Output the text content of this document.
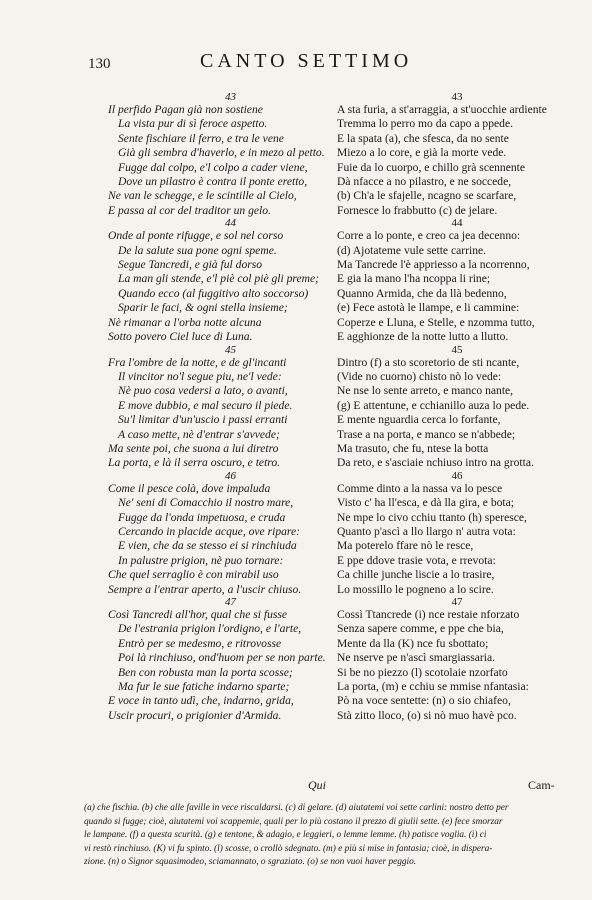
130	CANTO SETTIMO
43
Il perfido Pagan già non sostiene
La vista pur di sì feroce aspetto.
Sente fischiare il ferro, e tra le vene
Già gli sembra d'haverlo, e in mezo al petto.
Fugge dal colpo, e'l colpo a cader viene,
Dove un pilastro è contra il ponte eretto,
Ne van le schegge, e le scintille al Cielo,
E passa al cor del traditor un gelo.
44
Onde al ponte rifugge, e sol nel corso
De la salute sua pone ogni speme.
Segue Tancredi, e già ful dorso
La man gli stende, e'l piè col piè gli preme;
Quando ecco (al fuggitivo alto soccorso)
Sparir le faci, & ogni stella insieme;
Nè rimanar a l'orba notte alcuna
Sotto povero Ciel luce di Luna.
45
Fra l'ombre de la notte, e de gl'incanti
Il vincitor no'l segue piu, ne'l vede:
Nè puo cosa vedersi a lato, o avanti,
E move dubbio, e mal securo il piede.
Su'l limitar d'un'uscio i passi erranti
A caso mette, nè d'entrar s'avvede;
Ma sente poi, che suona a lui diretro
La porta, e là il serra oscuro, e tetro.
46
Come il pesce colà, dove impaluda
Ne' seni di Comacchio il nostro mare,
Fugge da l'onda impetuosa, e cruda
Cercando in placide acque, ove ripare:
E vien, che da se stesso ei si rinchiuda
In palustre prigion, nè puo tornare:
Che quel serraglio è con mirabil uso
Sempre a l'entrar aperto, a l'uscir chiuso.
47
Così Tancredi all'hor, qual che si fusse
De l'estrania prigion l'ordigno, e l'arte,
Entrò per se medesmo, e ritrovosse
Poi là rinchiuso, ond'huom per se non parte.
Ben con robusta man la porta scosse;
Ma fur le sue fatiche indarno sparte;
E voce in tanto udì, che, indarno, grida,
Uscir procuri, o prigionier d'Armida.
43
A sta furia, a st'arraggia, a st'uocchie ardiente
Tremma lo perro mo da capo a ppede.
E la spata (a), che sfesca, da no sente
Miezo a lo core, e già la morte vede.
Fuie da lo cuorpo, e chillo grà scennente
Dà nfacce a no pilastro, e ne soccede,
(b) Ch'a le sfajelle, ncagno se scarfare,
Fornesce lo frabbutto (c) de jelare.
44
Corre a lo ponte, e creo ca jea decenno:
(d) Ajotateme vule sette carrine.
Ma Tancrede l'è appriesso a la ncorrenno,
E gia la mano l'ha ncoppa li rine;
Quanno Armida, che da llà bedenno,
(e) Fece astotà le llampe, e li cammine:
Coperze e Lluna, e Stelle, e nzomma tutto,
E agghionze de la notte lutto a llutto.
45
Dintro (f) a sto scoretorio de sti ncante,
(Vide no cuorno) chisto nò lo vede:
Ne nse lo sente arreto, e manco nante,
(g) E attentune, e cchianillo auza lo pede.
E mente nguardia cerca lo forfante,
Trase a na porta, e manco se n'abbede;
Ma trasuto, che fu, ntese la botta
Da reto, e s'asciaie nchiuso intro na grotta.
46
Comme dinto a la nassa va lo pesce
Visto c' ha ll'esca, e dà lla gira, e bota;
Ne mpe lo civo cchiu ttanto (h) speresce,
Quanto p'ascì a llo llargo n' autra vota:
Ma poterelo ffare nò le resce,
E ppe ddove trasie vota, e rrevota:
Ca chille junche liscie a lo trasire,
Lo mossillo le pogneno a lo scire.
47
Cossì Ttancrede (i) nce restaie nforzato
Senza sapere comme, e ppe che bia,
Mente da lla (K) nce fu sbottato;
Ne nserve pe n'ascì smargiassaria.
Si be no piezzo (l) scotolaie nzorfato
La porta, (m) e cchiu se mmise nfantasia:
Pò na voce sentette: (n) o sio chiafeo,
Stà zitto lloco, (o) si nò muo havè pco.
Qui	Cam-
(a) che fischia. (b) che alle faville in vece riscaldarsi. (c) di gelare. (d) aiutatemi voi sette carlini: nostro detto per
quando si fugge; cioè, aiutatemi voi scappemie, quali per lo più costano il prezzo di giulii sette. (e) fece smorzar
le lampane. (f) a questa scurità. (g) e tentone, & adagio, e leggieri, o lemme lemme. (h) patisce voglia. (i) ci
vi restò rinchiuso. (K) vi fu spinto. (l) scosse, o crollò sdegnato. (m) e più si mise in fantasia; cioè, in dispera-
zione. (n) o Signor squasimodeo, sciamannato, o sgraziato. (o) se non vuoi haver peggio.
